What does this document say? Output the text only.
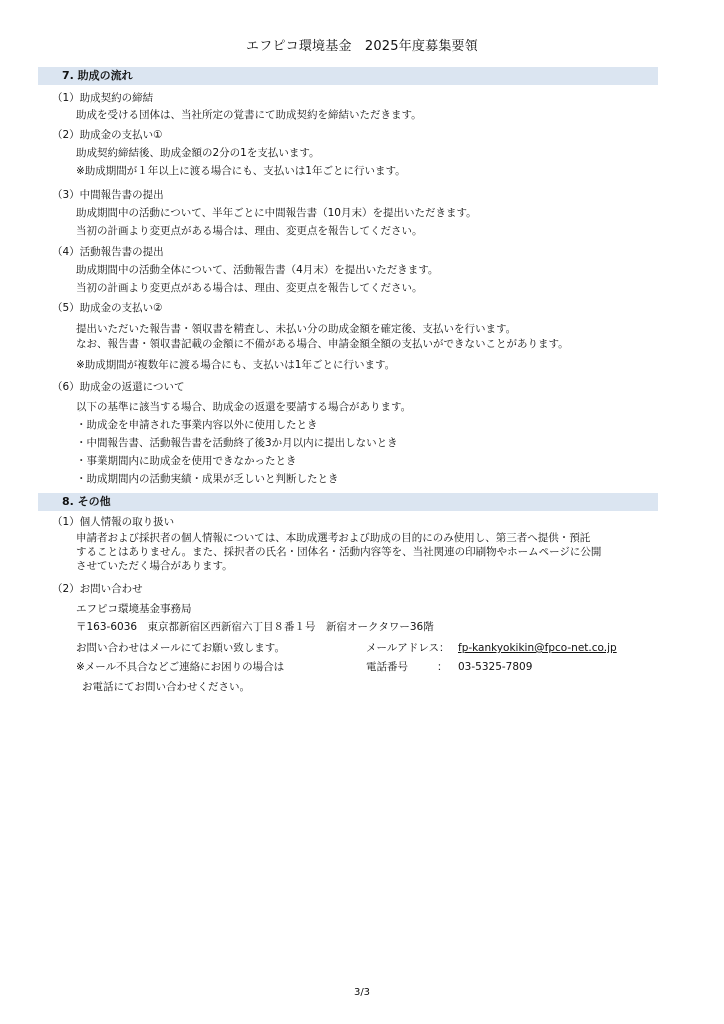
エフピコ環境基金　2025年度募集要領
7. 助成の流れ
（1）助成契約の締結
助成を受ける団体は、当社所定の覚書にて助成契約を締結いただきます。
（2）助成金の支払い①
助成契約締結後、助成金額の2分の1を支払います。
※助成期間が１年以上に渡る場合にも、支払いは1年ごとに行います。
（3）中間報告書の提出
助成期間中の活動について、半年ごとに中間報告書（10月末）を提出いただきます。
当初の計画より変更点がある場合は、理由、変更点を報告してください。
（4）活動報告書の提出
助成期間中の活動全体について、活動報告書（4月末）を提出いただきます。
当初の計画より変更点がある場合は、理由、変更点を報告してください。
（5）助成金の支払い②
提出いただいた報告書・領収書を精査し、未払い分の助成金額を確定後、支払いを行います。
なお、報告書・領収書記載の金額に不備がある場合、申請金額全額の支払いができないことがあります。
※助成期間が複数年に渡る場合にも、支払いは1年ごとに行います。
（6）助成金の返還について
以下の基準に該当する場合、助成金の返還を要請する場合があります。
・助成金を申請された事業内容以外に使用したとき
・中間報告書、活動報告書を活動終了後3か月以内に提出しないとき
・事業期間内に助成金を使用できなかったとき
・助成期間内の活動実績・成果が乏しいと判断したとき
8. その他
（1）個人情報の取り扱い
申請者および採択者の個人情報については、本助成選考および助成の目的にのみ使用し、第三者へ提供・預託
することはありません。また、採択者の氏名・団体名・活動内容等を、当社関連の印刷物やホームページに公開
させていただく場合があります。
（2）お問い合わせ
エフピコ環境基金事務局
〒163-6036　東京都新宿区西新宿六丁目８番１号　新宿オークタワー36階
お問い合わせはメールにてお願い致します。	メールアドレス： fp-kankyokikin@fpco-net.co.jp
※メール不具合などご連絡にお困りの場合は	電話番号	： 03-5325-7809
お電話にてお問い合わせください。
3/3
